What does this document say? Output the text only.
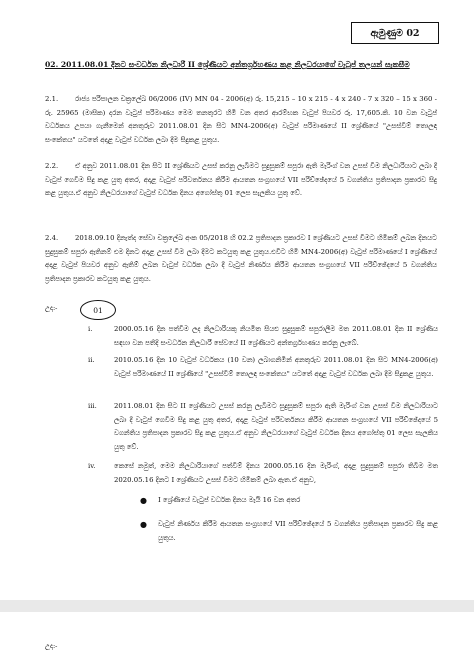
ඇමුණුම 02
02. 2011.08.01 දිනට සංවර්ධන නිලධාරී II ශ්‍රේණියට අන්තර්ග්‍රහණය කළ නිලධරයාගේ වැටුප් තලයන් සැකසීම
2.1. රාජ්‍ය පරිපාලන චක්‍රලේඛ 06/2006 (IV) MN 04 - 2006(අ) රු. 15,215 – 10 x 215 - 4 x 240 - 7 x 320 – 15 x 360 - රු. 25965 (මාසික) දරන වැටුප් පරිමාණය මෙම තනතුරට හිමි වන අතර ආරම්භක වැටුප් පියවර රු. 17,605.කි. 10 වන වැටුප් වර්ධකය උපයා ගැනීමෙන් අනතුරුව 2011.08.01 දින සිට MN4-2006(අ) වැටුප් පරිමාණයේ II ශ්‍රේණියේ "උසස්වීම් තොලඳ සංකේතය" යටතේ අදාළ වැටුප් වර්ධක ලබා දීම සිදුකළ යුතුය.
2.2. ඒ අනුව 2011.08.01 දින සිට II ශ්‍රේණියට උසස් කරනු ලැබීමට සුදුසුකම් සපුරා ඇති මැරිංග් වන උසස් වීම නිලධාරියාට ලබා දී වැටුප් ගෙවීම සිදු කළ යුතු අතර, අදාළ වැටුප් පරිවර්තනය කිරීම ආයතන සංග්‍රහයේ VII පරිච්ඡේදයේ 5 වගන්තිය ප්‍රතිපාදන ප්‍රකාරව සිදු කළ යුතුය.ඒ අනුව නිලධරයාගේ වැටුප් වර්ධක දිනය අගෝස්තු 01 ලෙස සැලකිය යුතු වේ.
2.4. 2018.09.10 දිනැත්ද සේවා චක්‍රලේඛ අංක 05/2018 හි 02.2 ප්‍රතිපාදන ප්‍රකාරව I ශ්‍රේණියට උසස් වීමට හිමිකම් ලබන දිනයට සුදුසුකම් සපුරා ඇතිනම් එම දිනට අදාළ උසස් වීම ලබා දීමට කටයුතු කළ යුතුය.එවිට හිමි MN4-2006(අ) වැටුප් පරිමාණයේ I ශ්‍රේණියේ අදාළ වැටුප් පියවර අනුව ඇතිම් ලබන වැටුප් වර්ධක ලබා දී වැටුප් නිර්ණය කිරීම ආයතන සංග්‍රහයේ VII පරිච්ඡේදයේ 5 වගන්තිය ප්‍රතිපාදන ප්‍රකාරව කටයුතු කළ යුතුය.
උදා:-	01
i.	2000.05.16 දින පත්වීම ලද නිලධාරියකු නියමිත සියළු සුදුසුකම් සපුරාලීම මත 2011.08.01 දින II ශ්‍රේණිය සඳහා වන පතිදි සංවර්ධන නිලධාරී සේවයේ II ශ්‍රේණියට අන්තර්ග්‍රහණය කරනු ලැබේ.
ii.	2010.05.16 දින 10 වැටුප් වර්ධකය (10 වන) ලබාගනිමින් අනතුරුව 2011.08.01 දින සිට MN4-2006(අ) වැටුප් පරිමාණයේ II ශ්‍රේණියේ "උසස්වීම් තොලඳ සංකේතය" යටතේ අදාළ වැටුප් වර්ධක ලබා දීම සිදුකළ යුතුය.
iii.	2011.08.01 දින සිට II ශ්‍රේණියට උසස් කරනු ලැබීමට සුදුසුකම් සපුරා ඇති මැරිංග් වන උසස් වීම නිලධාරියාට ලබා දී වැටුප් ගෙවීම සිදු කළ යුතු අතර, අදාළ වැටුප් පරිවර්තනය කිරීම ආයතන සංග්‍රහයේ VII පරිච්ඡේදයේ 5 වගන්තිය ප්‍රතිපාදන ප්‍රකාරව සිදු කළ යුතුය.ඒ අනුව නිලධරයාගේ වැටුප් වර්ධක දිනය අගෝස්තු 01 ලෙස සැලකිය යුතු වේ.
iv.	කෙසේ නමුත්, මෙම නිලධාරියාගේ පත්වීම් දිනය 2000.05.16 දින මැරිංග්, අදාළ සුදුසුකම් සපුරා තිබීම මත 2020.05.16 දිනට I ශ්‍රේණියට උසස් වීමට හිමිකම් ලබා ඇත.ඒ අනුව,
● I ශ්‍රේණියේ වැටුප් වර්ධක දිනය මැයි 16 වන අතර
● වැටුප් නිර්ණය කිරීම ආයතන සංග්‍රහයේ VII පරිච්ඡේදයේ 5 වගන්තිය ප්‍රතිපාදන ප්‍රකාරව සිදු කළ යුතුය.
උදා:-
